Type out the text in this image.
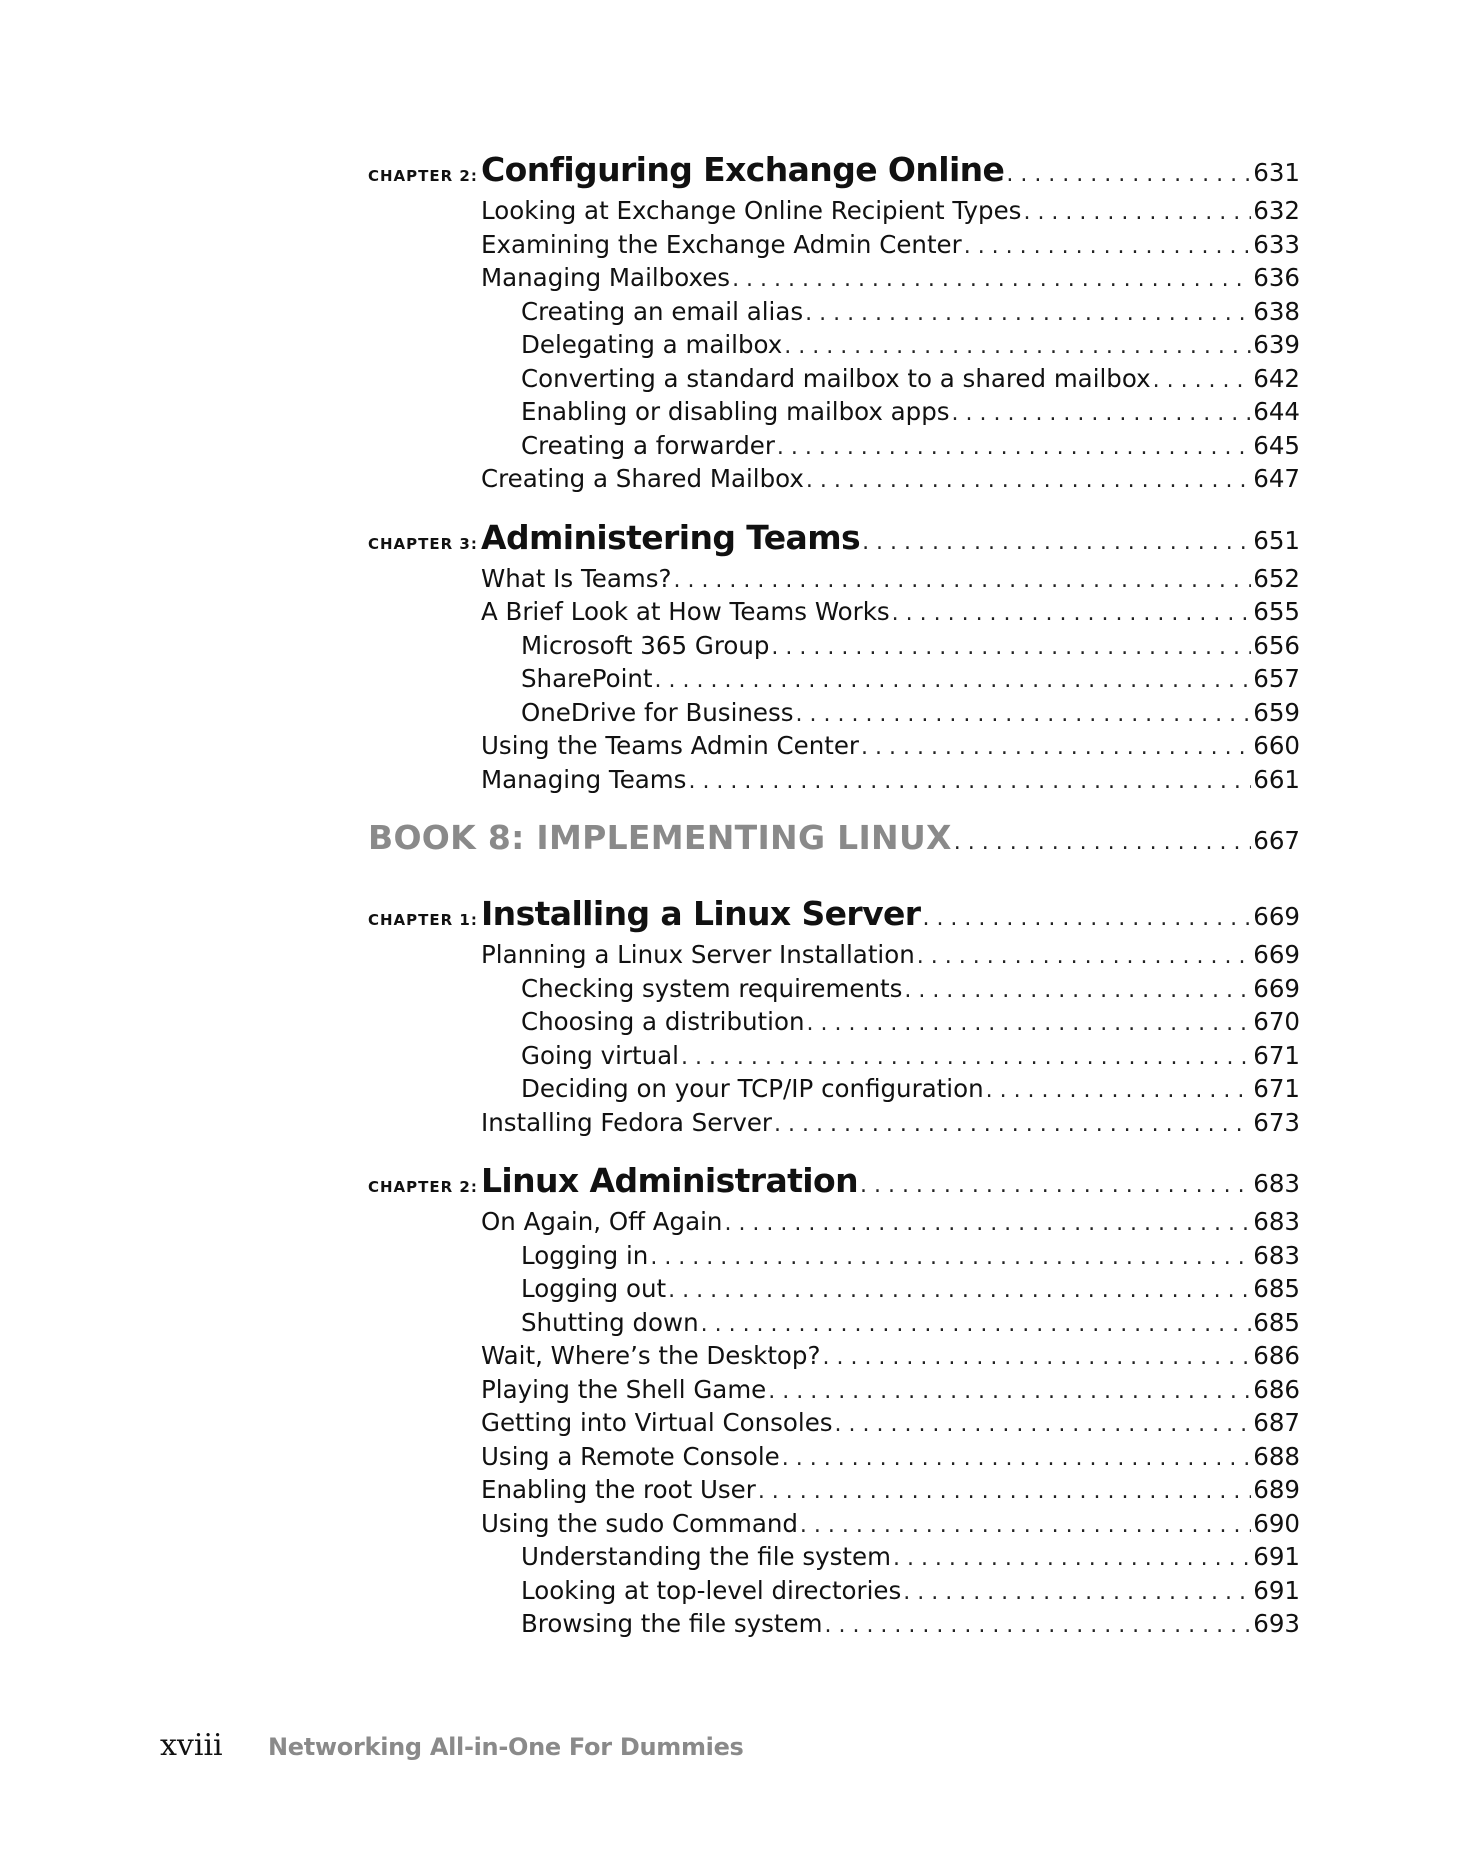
CHAPTER 2: Configuring Exchange Online . . .	631
Looking at Exchange Online Recipient Types . . .	632
Examining the Exchange Admin Center . . .	633
Managing Mailboxes . . .	636
Creating an email alias . . .	638
Delegating a mailbox . . .	639
Converting a standard mailbox to a shared mailbox . . .	642
Enabling or disabling mailbox apps . . .	644
Creating a forwarder . . .	645
Creating a Shared Mailbox . . .	647
CHAPTER 3: Administering Teams . . .	651
What Is Teams? . . .	652
A Brief Look at How Teams Works . . .	655
Microsoft 365 Group . . .	656
SharePoint . . .	657
OneDrive for Business . . .	659
Using the Teams Admin Center . . .	660
Managing Teams . . .	661
BOOK 8: IMPLEMENTING LINUX . . .	667
CHAPTER 1: Installing a Linux Server . . .	669
Planning a Linux Server Installation . . .	669
Checking system requirements . . .	669
Choosing a distribution . . .	670
Going virtual . . .	671
Deciding on your TCP/IP configuration . . .	671
Installing Fedora Server . . .	673
CHAPTER 2: Linux Administration . . .	683
On Again, Off Again . . .	683
Logging in . . .	683
Logging out . . .	685
Shutting down . . .	685
Wait, Where’s the Desktop? . . .	686
Playing the Shell Game . . .	686
Getting into Virtual Consoles . . .	687
Using a Remote Console . . .	688
Enabling the root User . . .	689
Using the sudo Command . . .	690
Understanding the file system . . .	691
Looking at top-level directories . . .	691
Browsing the file system . . .	693
xviii	Networking All-in-One For Dummies
